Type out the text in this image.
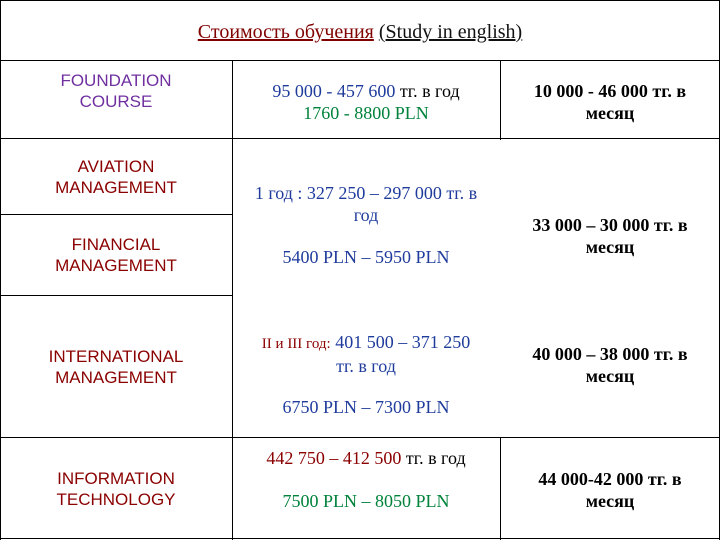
Стоимость обучения (Study in english)
FOUNDATION
COURSE
95 000 - 457 600 тг. в год
1760 - 8800 PLN
10 000 - 46 000 тг. в
месяц
AVIATION
MANAGEMENT
FINANCIAL
MANAGEMENT
INTERNATIONAL
MANAGEMENT
1 год : 327 250 – 297 000 тг. в
год
5400 PLN – 5950 PLN
33 000 – 30 000 тг. в
месяц
II и III год: 401 500 – 371 250
тг. в год
6750 PLN – 7300 PLN
40 000 – 38 000 тг. в
месяц
INFORMATION
TECHNOLOGY
442 750 – 412 500 тг. в год
7500 PLN – 8050 PLN
44 000-42 000 тг. в
месяц
